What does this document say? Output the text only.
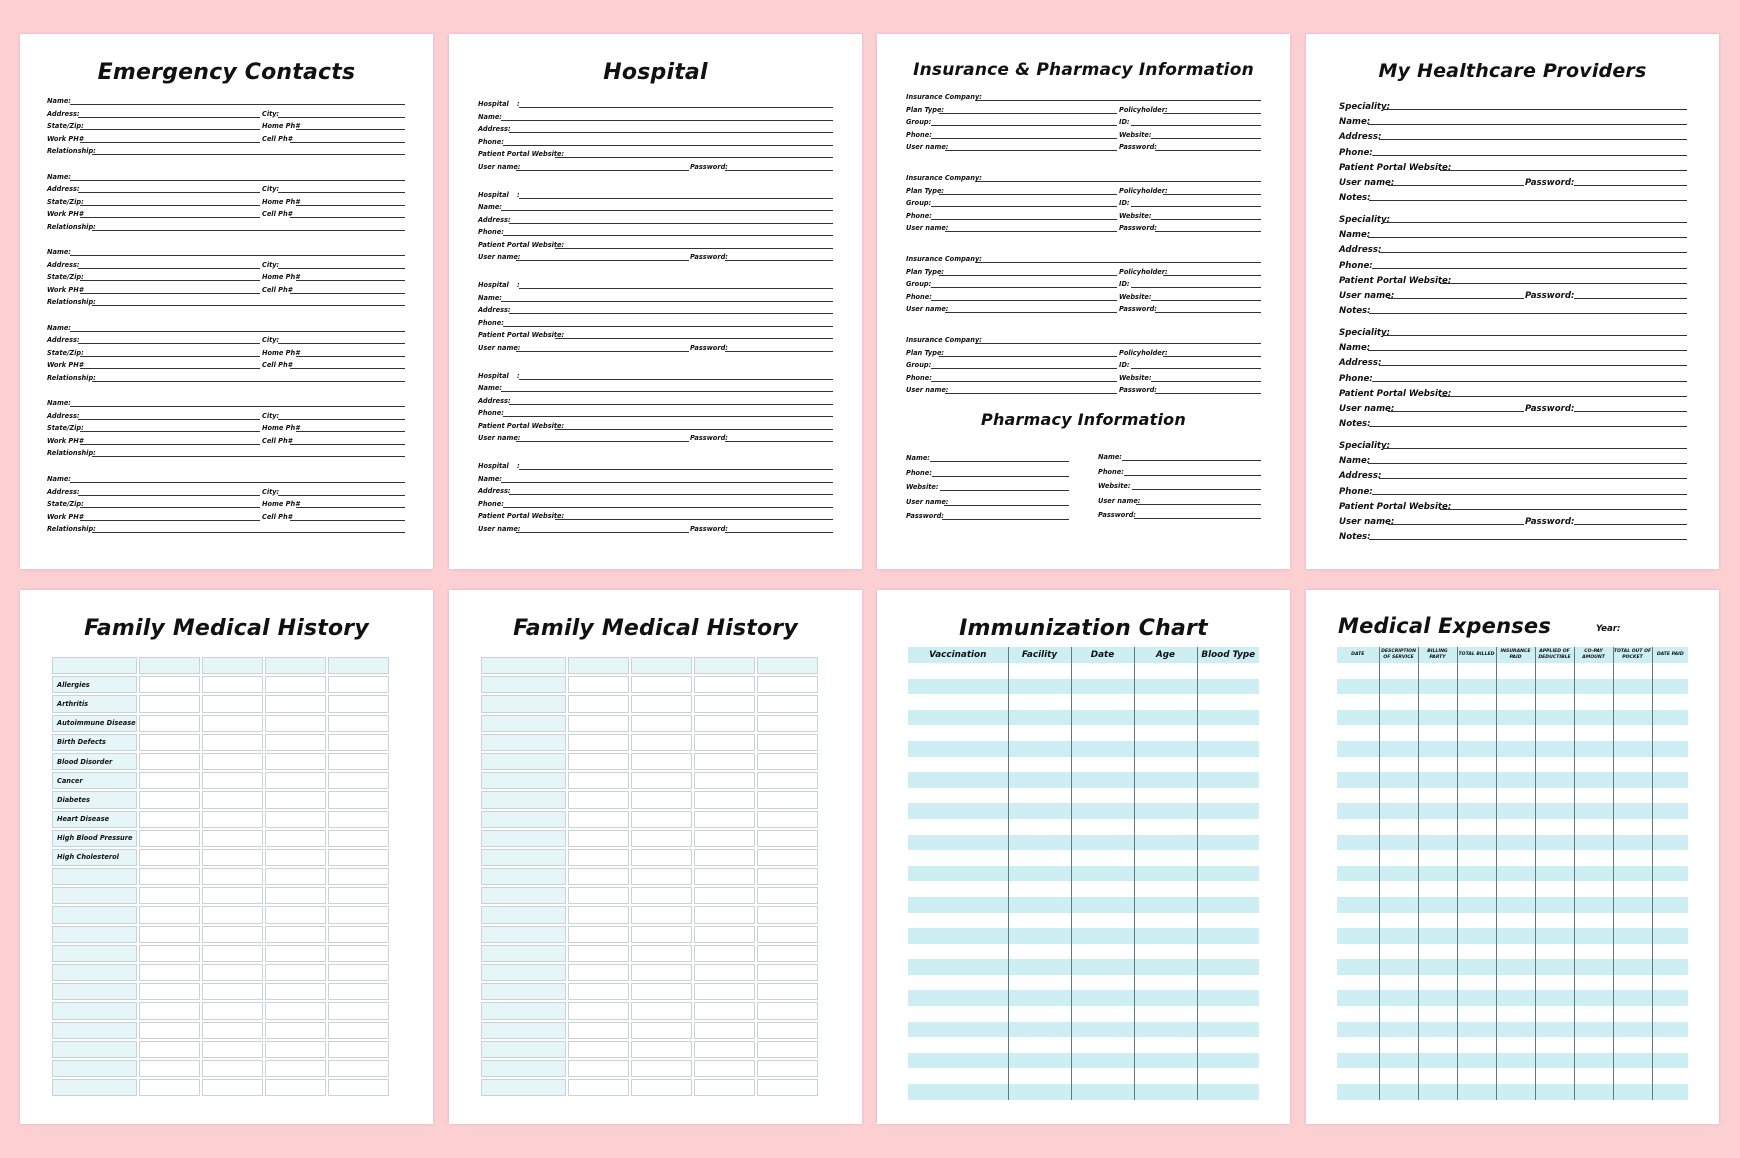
Emergency Contacts
Name:
Address:	City:
State/Zip:	Home Ph#
Work PH#	Cell Ph#
Relationship:
Name:
Address:	City:
State/Zip:	Home Ph#
Work PH#	Cell Ph#
Relationship:
Name:
Address:	City:
State/Zip:	Home Ph#
Work PH#	Cell Ph#
Relationship:
Name:
Address:	City:
State/Zip:	Home Ph#
Work PH#	Cell Ph#
Relationship:
Name:
Address:	City:
State/Zip:	Home Ph#
Work PH#	Cell Ph#
Relationship:
Name:
Address:	City:
State/Zip:	Home Ph#
Work PH#	Cell Ph#
Relationship:
Hospital
Hospital :
Name:
Address:
Phone:
Patient Portal Website:
User name:	Password:
Hospital :
Name:
Address:
Phone:
Patient Portal Website:
User name:	Password:
Hospital :
Name:
Address:
Phone:
Patient Portal Website:
User name:	Password:
Hospital :
Name:
Address:
Phone:
Patient Portal Website:
User name:	Password:
Hospital :
Name:
Address:
Phone:
Patient Portal Website:
User name:	Password:
Insurance & Pharmacy Information
Pharmacy Information
Insurance Company:
Plan Type:	Policyholder:
Group:	ID:
Phone:	Website:
User name:	Password:
Insurance Company:
Plan Type:	Policyholder:
Group:	ID:
Phone:	Website:
User name:	Password:
Insurance Company:
Plan Type:	Policyholder:
Group:	ID:
Phone:	Website:
User name:	Password:
Insurance Company:
Plan Type:	Policyholder:
Group:	ID:
Phone:	Website:
User name:	Password:
Name:
Phone:
Website:
User name:
Password:
Name:
Phone:
Website:
User name:
Password:
My Healthcare Providers
Speciality:
Name:
Address:
Phone:
Patient Portal Website:
User name:	Password:
Notes:
Speciality:
Name:
Address:
Phone:
Patient Portal Website:
User name:	Password:
Notes:
Speciality:
Name:
Address:
Phone:
Patient Portal Website:
User name:	Password:
Notes:
Speciality:
Name:
Address:
Phone:
Patient Portal Website:
User name:	Password:
Notes:
Family Medical History

Allergies				
Arthritis				
Autoimmune Disease				
Birth Defects				
Blood Disorder				
Cancer				
Diabetes				
Heart Disease				
High Blood Pressure				
High Cholesterol				

Family Medical History

					Immunization Chart
Vaccination	Facility	Date	Age	Blood Type

Medical Expenses	Year:
DATE	DESCRIPTION OF SERVICE	BILLING PARTY	TOTAL BILLED	INSURANCE PAID	APPLIED OF DEDUCTIBLE	CO-PAY AMOUNT	TOTAL OUT OF POCKET	DATE PAID
